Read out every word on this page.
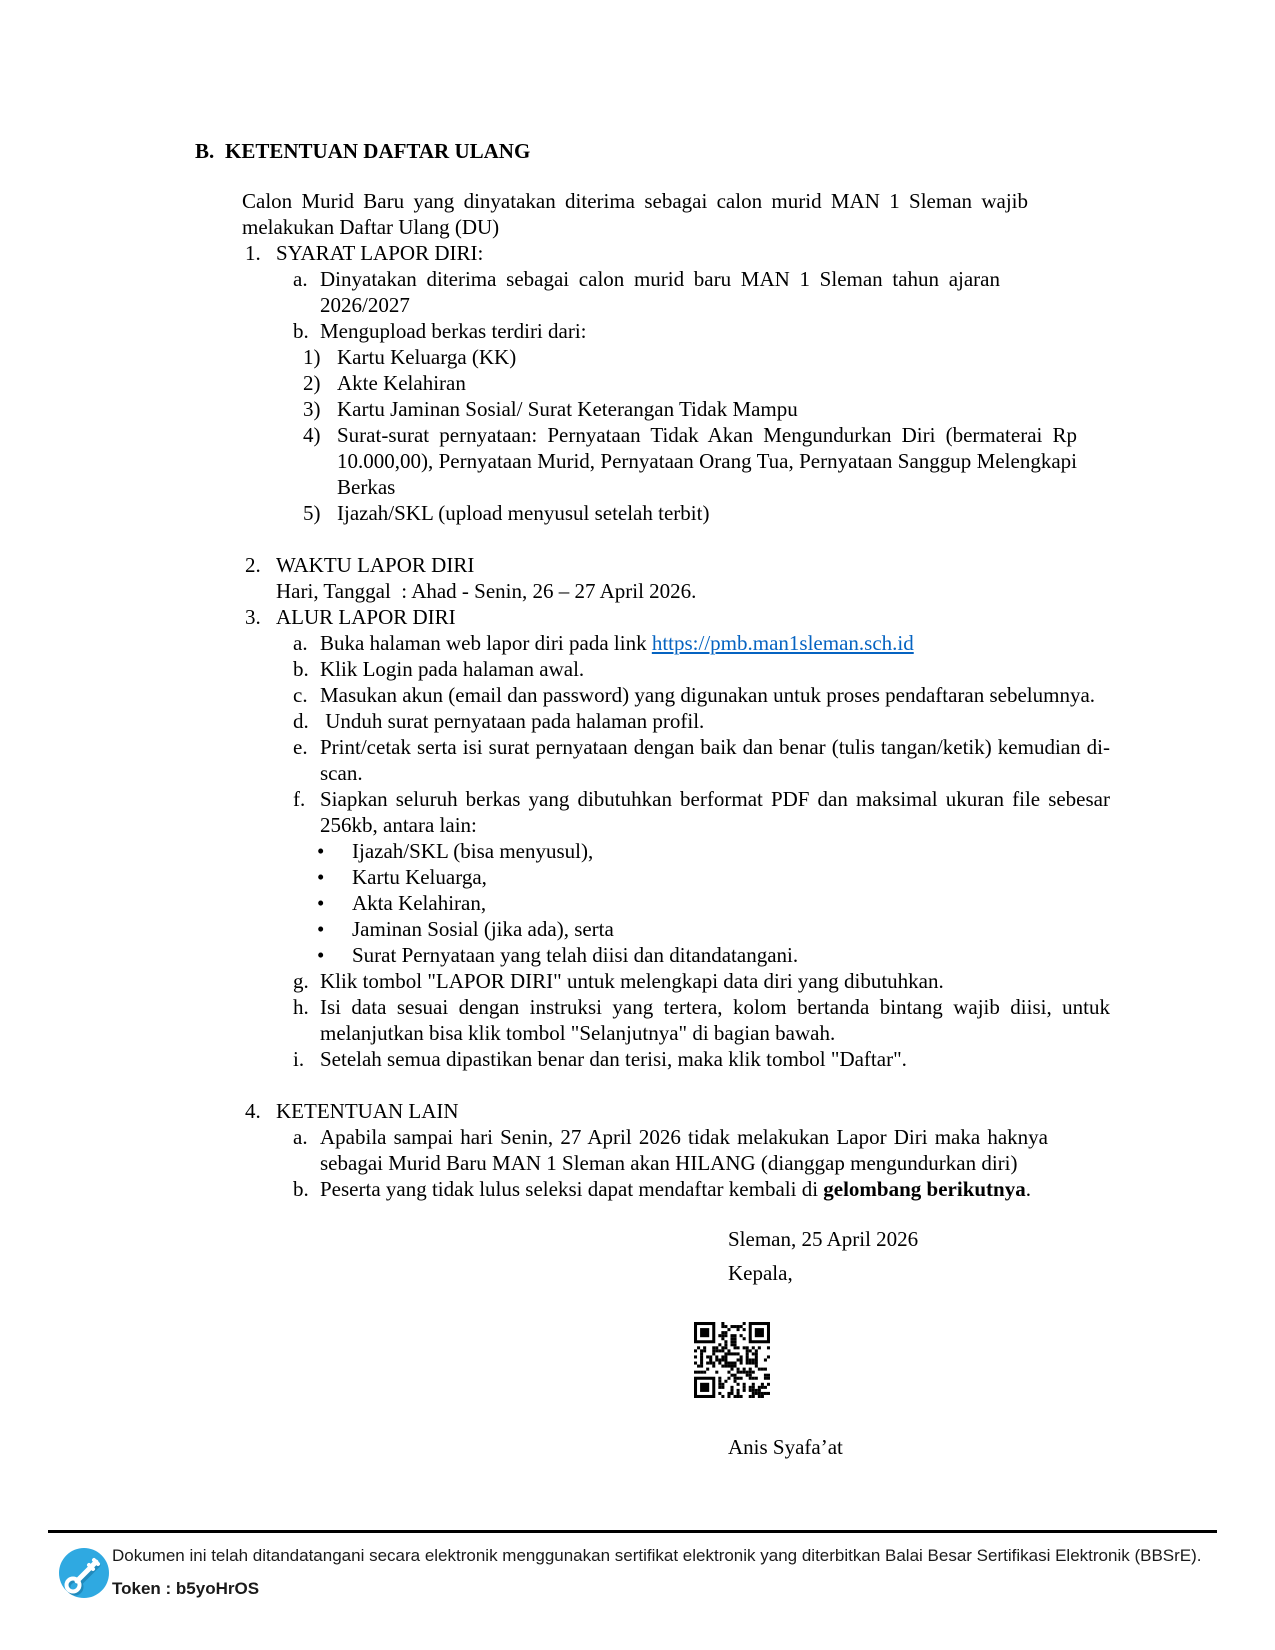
B. KETENTUAN DAFTAR ULANG
Calon Murid Baru yang dinyatakan diterima sebagai calon murid MAN 1 Sleman wajib melakukan Daftar Ulang (DU)
1. SYARAT LAPOR DIRI:
a. Dinyatakan diterima sebagai calon murid baru MAN 1 Sleman tahun ajaran 2026/2027
b. Mengupload berkas terdiri dari:
1) Kartu Keluarga (KK)
2) Akte Kelahiran
3) Kartu Jaminan Sosial/ Surat Keterangan Tidak Mampu
4) Surat-surat pernyataan: Pernyataan Tidak Akan Mengundurkan Diri (bermaterai Rp 10.000,00), Pernyataan Murid, Pernyataan Orang Tua, Pernyataan Sanggup Melengkapi Berkas
5) Ijazah/SKL (upload menyusul setelah terbit)
2. WAKTU LAPOR DIRI
Hari, Tanggal  : Ahad - Senin, 26 – 27 April 2026.
3. ALUR LAPOR DIRI
a. Buka halaman web lapor diri pada link https://pmb.man1sleman.sch.id
b. Klik Login pada halaman awal.
c. Masukan akun (email dan password) yang digunakan untuk proses pendaftaran sebelumnya.
d. Unduh surat pernyataan pada halaman profil.
e. Print/cetak serta isi surat pernyataan dengan baik dan benar (tulis tangan/ketik) kemudian di-scan.
f. Siapkan seluruh berkas yang dibutuhkan berformat PDF dan maksimal ukuran file sebesar 256kb, antara lain:
•	Ijazah/SKL (bisa menyusul),
•	Kartu Keluarga,
•	Akta Kelahiran,
•	Jaminan Sosial (jika ada), serta
•	Surat Pernyataan yang telah diisi dan ditandatangani.
g. Klik tombol "LAPOR DIRI" untuk melengkapi data diri yang dibutuhkan.
h. Isi data sesuai dengan instruksi yang tertera, kolom bertanda bintang wajib diisi, untuk melanjutkan bisa klik tombol "Selanjutnya" di bagian bawah.
i. Setelah semua dipastikan benar dan terisi, maka klik tombol "Daftar".
4. KETENTUAN LAIN
a. Apabila sampai hari Senin, 27 April 2026 tidak melakukan Lapor Diri maka haknya sebagai Murid Baru MAN 1 Sleman akan HILANG (dianggap mengundurkan diri)
b. Peserta yang tidak lulus seleksi dapat mendaftar kembali di gelombang berikutnya.
Sleman, 25 April 2026
Kepala,
Anis Syafa’at
Dokumen ini telah ditandatangani secara elektronik menggunakan sertifikat elektronik yang diterbitkan Balai Besar Sertifikasi Elektronik (BBSrE).
Token : b5yoHrOS
